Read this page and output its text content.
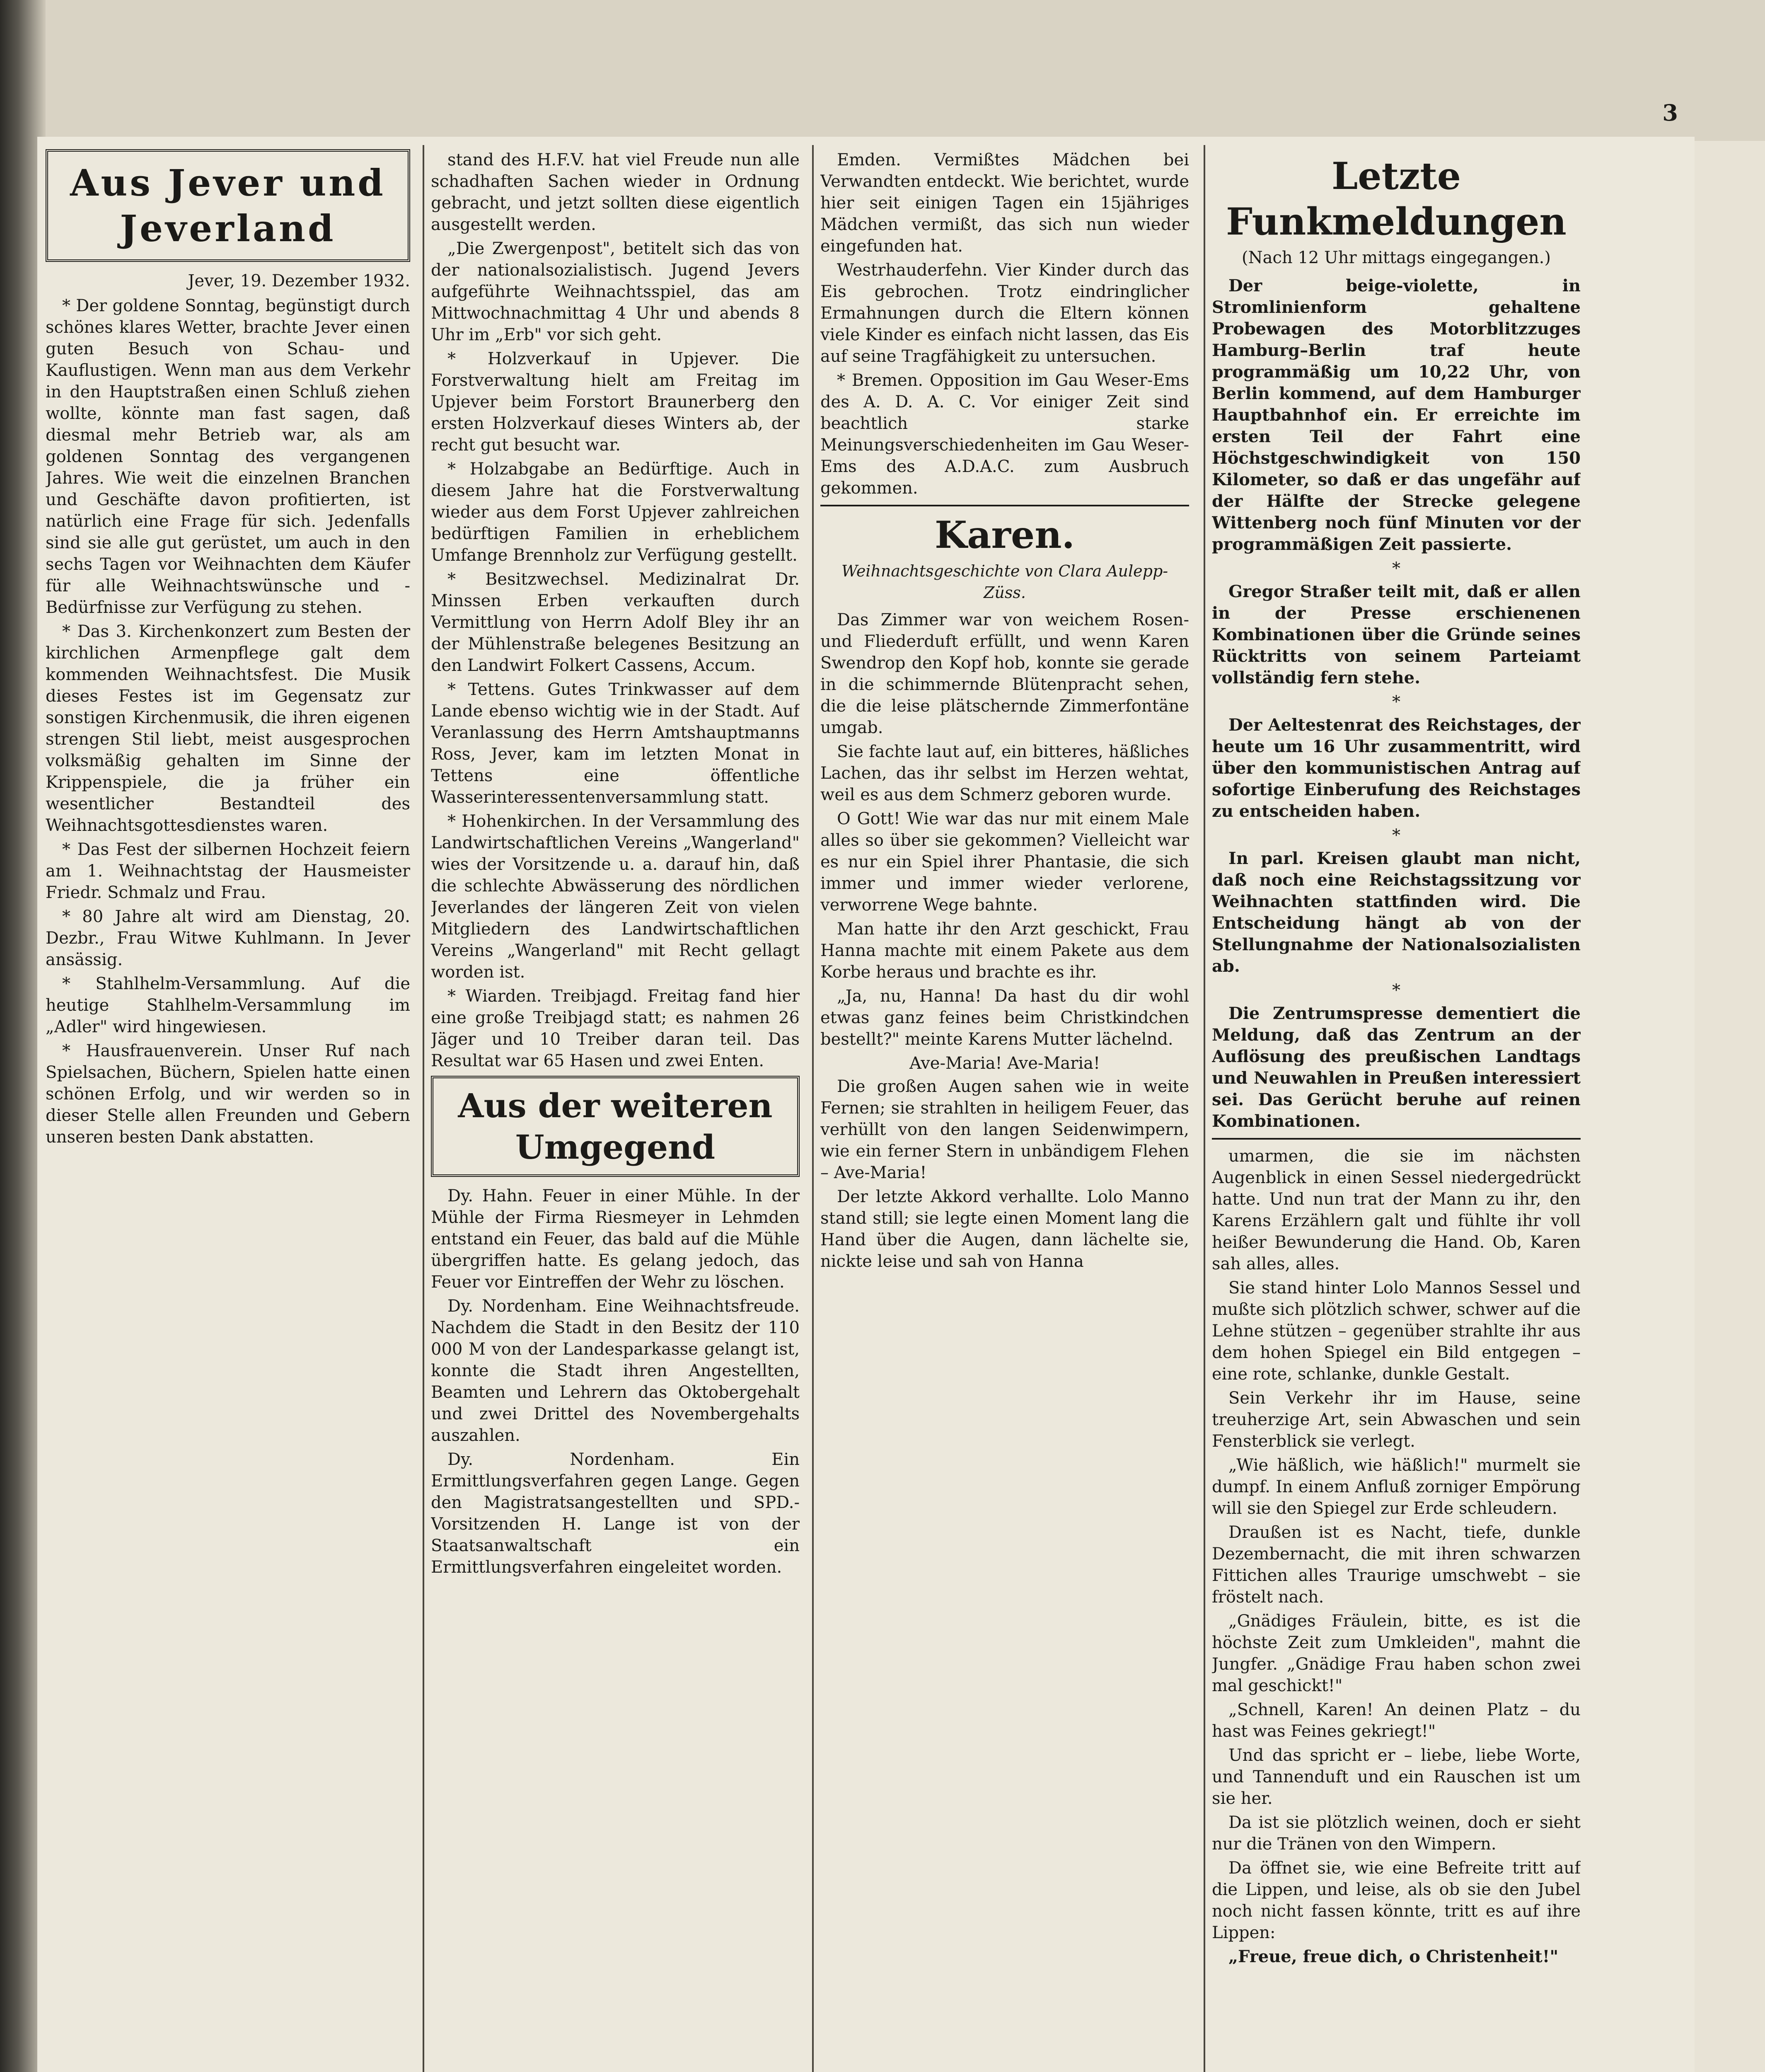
3
Aus Jever und Jeverland
Jever, 19. Dezember 1932.

* Der goldene Sonntag, begünstigt durch schönes klares Wetter, brachte Jever einen guten Besuch von Schau- und Kauflustigen. Wenn man aus dem Verkehr in den Hauptstraßen einen Schluß ziehen wollte, könnte man fast sagen, daß diesmal mehr Betrieb war, als am goldenen Sonntag des vergangenen Jahres. Wie weit die einzelnen Branchen und Geschäfte davon profitierten, ist natürlich eine Frage für sich. Jedenfalls sind sie alle gut gerüstet, um auch in den sechs Tagen vor Weihnachten dem Käufer für alle Weihnachtswünsche und -Bedürfnisse zur Verfügung zu stehen.

* Das 3. Kirchenkonzert zum Besten der kirchlichen Armenpflege galt dem kommenden Weihnachtsfest. Die Musik dieses Festes ist im Gegensatz zur sonstigen Kirchenmusik, die ihren eigenen strengen Stil liebt, meist ausgesprochen volksmäßig gehalten im Sinne der Krippenspiele, die ja früher ein wesentlicher Bestandteil des Weihnachtsgottesdienstes waren.

* Das Fest der silbernen Hochzeit feiern am 1. Weihnachtstag der Hausmeister Friedr. Schmalz und Frau.

* 80 Jahre alt wird am Dienstag, 20. Dezbr., Frau Witwe Kuhlmann. In Jever ansässig.

* Stahlhelm-Versammlung. Auf die heutige Stahlhelm-Versammlung im „Adler" wird hingewiesen.

* Hausfrauenverein. Unser Ruf nach Spielsachen, Büchern, Spielen hatte einen schönen Erfolg, und wir werden so in dieser Stelle allen Freunden und Gebern unseren besten Dank abstatten.

stand des H.F.V. hat viel Freude nun alle schadhaften Sachen wieder in Ordnung gebracht, und jetzt sollten diese eigentlich ausgestellt werden.

„Die Zwergenpost", betitelt sich das von der nationalsozialistisch. Jugend Jevers aufgeführte Weihnachtsspiel, das am Mittwochnachmittag 4 Uhr und abends 8 Uhr im „Erb" vor sich geht.

* Holzverkauf in Upjever. Die Forstverwaltung hielt am Freitag im Upjever beim Forstort Braunerberg den ersten Holzverkauf dieses Winters ab, der recht gut besucht war.

* Holzabgabe an Bedürftige. Auch in diesem Jahre hat die Forstverwaltung wieder aus dem Forst Upjever zahlreichen bedürftigen Familien in erheblichem Umfange Brennholz zur Verfügung gestellt.

* Besitzwechsel. Medizinalrat Dr. Minssen Erben verkauften durch Vermittlung von Herrn Adolf Bley ihr an der Mühlenstraße belegenes Besitzung an den Landwirt Folkert Cassens, Accum.

* Tettens. Gutes Trinkwasser auf dem Lande ebenso wichtig wie in der Stadt. Auf Veranlassung des Herrn Amtshauptmanns Ross, Jever, kam im letzten Monat in Tettens eine öffentliche Wasserinteressentenversammlung statt.

* Hohenkirchen. In der Versammlung des Landwirtschaftlichen Vereins „Wangerland" wies der Vorsitzende u. a. darauf hin, daß die schlechte Abwässerung des nördlichen Jeverlandes der längeren Zeit von vielen Mitgliedern des Landwirtschaftlichen Vereins „Wangerland" mit Recht gellagt worden ist.

* Wiarden. Treibjagd. Freitag fand hier eine große Treibjagd statt; es nahmen 26 Jäger und 10 Treiber daran teil. Das Resultat war 65 Hasen und zwei Enten.

Aus der weiteren Umgegend

Dy. Hahn. Feuer in einer Mühle. In der Mühle der Firma Riesmeyer in Lehmden entstand ein Feuer, das bald auf die Mühle übergriffen hatte. Es gelang jedoch, das Feuer vor Eintreffen der Wehr zu löschen.

Dy. Nordenham. Eine Weihnachtsfreude. Nachdem die Stadt in den Besitz der 110 000 M von der Landesparkasse gelangt ist, konnte die Stadt ihren Angestellten, Beamten und Lehrern das Oktobergehalt und zwei Drittel des Novembergehalts auszahlen.

Dy. Nordenham. Ein Ermittlungsverfahren gegen Lange. Gegen den Magistratsangestellten und SPD.-Vorsitzenden H. Lange ist von der Staatsanwaltschaft ein Ermittlungsverfahren eingeleitet worden.

Emden. Vermißtes Mädchen bei Verwandten entdeckt. Wie berichtet, wurde hier seit einigen Tagen ein 15jähriges Mädchen vermißt, das sich nun wieder eingefunden hat.

Westrhauderfehn. Vier Kinder durch das Eis gebrochen. Trotz eindringlicher Ermahnungen durch die Eltern können viele Kinder es einfach nicht lassen, das Eis auf seine Tragfähigkeit zu untersuchen.

* Bremen. Opposition im Gau Weser-Ems des A. D. A. C. Vor einiger Zeit sind beachtlich starke Meinungsverschiedenheiten im Gau Weser-Ems des A.D.A.C. zum Ausbruch gekommen.

Karen.
Weihnachtsgeschichte von Clara Aulepp-Züss.

Das Zimmer war von weichem Rosen- und Fliederduft erfüllt, und wenn Karen Swendrop den Kopf hob, konnte sie gerade in die schimmernde Blütenpracht sehen, die die leise plätschernde Zimmerfontäne umgab.

Sie fachte laut auf, ein bitteres, häßliches Lachen, das ihr selbst im Herzen wehtat, weil es aus dem Schmerz geboren wurde.

O Gott! Wie war das nur mit einem Male alles so über sie gekommen? Vielleicht war es nur ein Spiel ihrer Phantasie, die sich immer und immer wieder verlorene, verworrene Wege bahnte.

Man hatte ihr den Arzt geschickt, Frau Hanna machte mit einem Pakete aus dem Korbe heraus und brachte es ihr.

„Ja, nu, Hanna! Da hast du dir wohl etwas ganz feines beim Christkindchen bestellt?" meinte Karens Mutter lächelnd.

Ave-Maria! Ave-Maria!

Die großen Augen sahen wie in weite Fernen; sie strahlten in heiligem Feuer, das verhüllt von den langen Seidenwimpern, wie ein ferner Stern in unbändigem Flehen – Ave-Maria!

Der letzte Akkord verhallte. Lolo Manno stand still; sie legte einen Moment lang die Hand über die Augen, dann lächelte sie, nickte leise und sah von Hanna

Letzte Funkmeldungen
(Nach 12 Uhr mittags eingegangen.)

Der beige-violette, in Stromlinienform gehaltene Probewagen des Motorblitzzuges Hamburg–Berlin traf heute programmäßig um 10,22 Uhr, von Berlin kommend, auf dem Hamburger Hauptbahnhof ein. Er erreichte im ersten Teil der Fahrt eine Höchstgeschwindigkeit von 150 Kilometer, so daß er das ungefähr auf der Hälfte der Strecke gelegene Wittenberg noch fünf Minuten vor der programmäßigen Zeit passierte.

*

Gregor Straßer teilt mit, daß er allen in der Presse erschienenen Kombinationen über die Gründe seines Rücktritts von seinem Parteiamt vollständig fern stehe.

*

Der Aeltestenrat des Reichstages, der heute um 16 Uhr zusammentritt, wird über den kommunistischen Antrag auf sofortige Einberufung des Reichstages zu entscheiden haben.

*

In parl. Kreisen glaubt man nicht, daß noch eine Reichstagssitzung vor Weihnachten stattfinden wird. Die Entscheidung hängt ab von der Stellungnahme der Nationalsozialisten ab.

*

Die Zentrumspresse dementiert die Meldung, daß das Zentrum an der Auflösung des preußischen Landtags und Neuwahlen in Preußen interessiert sei. Das Gerücht beruhe auf reinen Kombinationen.

umarmen, die sie im nächsten Augenblick in einen Sessel niedergedrückt hatte. Und nun trat der Mann zu ihr, den Karens Erzählern galt und fühlte ihr voll heißer Bewunderung die Hand. Ob, Karen sah alles, alles.

Sie stand hinter Lolo Mannos Sessel und mußte sich plötzlich schwer, schwer auf die Lehne stützen – gegenüber strahlte ihr aus dem hohen Spiegel ein Bild entgegen – eine rote, schlanke, dunkle Gestalt.

Sein Verkehr ihr im Hause, seine treuherzige Art, sein Abwaschen und sein Fensterblick sie verlegt.

„Wie häßlich, wie häßlich!" murmelt sie dumpf. In einem Anfluß zorniger Empörung will sie den Spiegel zur Erde schleudern.

Draußen ist es Nacht, tiefe, dunkle Dezembernacht, die mit ihren schwarzen Fittichen alles Traurige umschwebt – sie fröstelt nach.

„Gnädiges Fräulein, bitte, es ist die höchste Zeit zum Umkleiden", mahnt die Jungfer. „Gnädige Frau haben schon zwei mal geschickt!"

„Schnell, Karen! An deinen Platz – du hast was Feines gekriegt!"

Und das spricht er – liebe, liebe Worte, und Tannenduft und ein Rauschen ist um sie her.

Da ist sie plötzlich weinen, doch er sieht nur die Tränen von den Wimpern.

Da öffnet sie, wie eine Befreite tritt auf die Lippen, und leise, als ob sie den Jubel noch nicht fassen könnte, tritt es auf ihre Lippen:

„Freue, freue dich, o Christenheit!"
